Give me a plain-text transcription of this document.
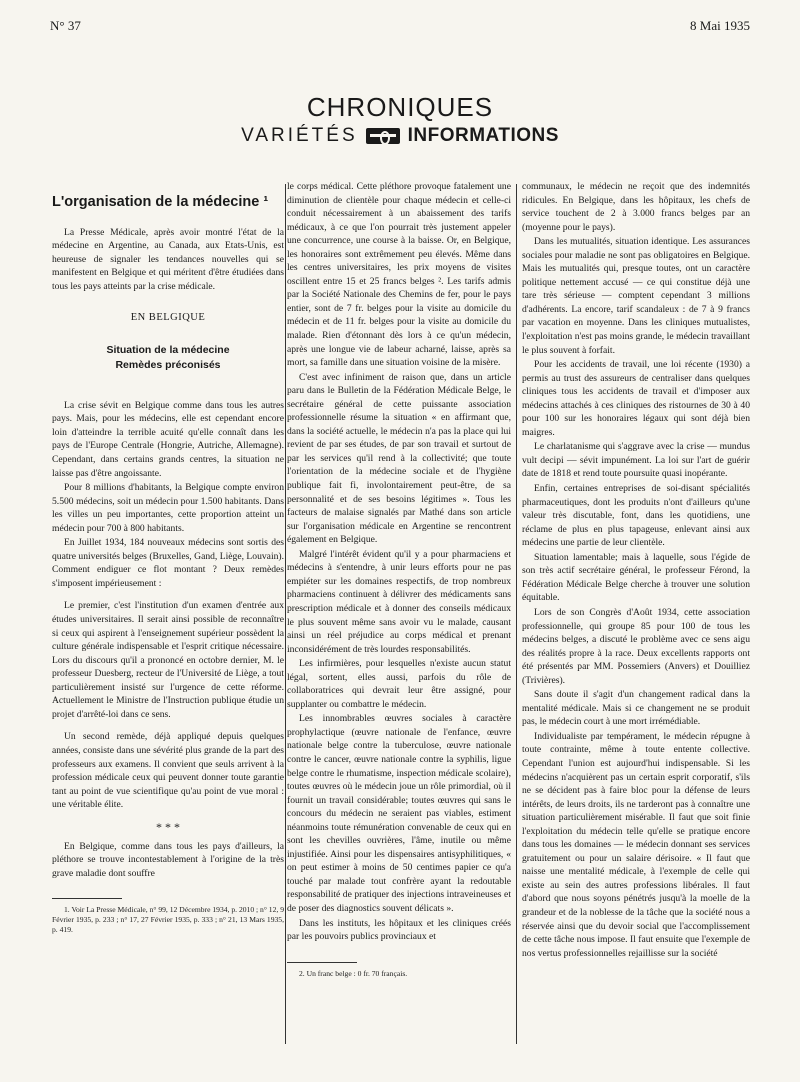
N° 37	8 Mai 1935
CHRONIQUES
VARIÉTÉS	INFORMATIONS
L'organisation de la médecine ¹

La Presse Médicale, après avoir montré l'état de la médecine en Argentine, au Canada, aux Etats-Unis, est heureuse de signaler les tendances nouvelles qui se manifestent en Belgique et qui méritent d'être étudiées dans tous les pays atteints par la crise médicale.

EN BELGIQUE
Situation de la médecine
Remèdes préconisés

La crise sévit en Belgique comme dans tous les autres pays. Mais, pour les médecins, elle est cependant encore loin d'atteindre la terrible acuité qu'elle connaît dans les pays de l'Europe Centrale (Hongrie, Autriche, Allemagne). Cependant, dans certains grands centres, la situation ne laisse pas d'être angoissante.

Pour 8 millions d'habitants, la Belgique compte environ 5.500 médecins, soit un médecin pour 1.500 habitants. Dans les villes un peu importantes, cette proportion atteint un médecin pour 700 à 800 habitants.

En Juillet 1934, 184 nouveaux médecins sont sortis des quatre universités belges (Bruxelles, Gand, Liège, Louvain). Comment endiguer ce flot montant ? Deux remèdes s'imposent impérieusement :

Le premier, c'est l'institution d'un examen d'entrée aux études universitaires. Il serait ainsi possible de reconnaître si ceux qui aspirent à l'enseignement supérieur possèdent la culture générale indispensable et l'esprit critique nécessaire. Lors du discours qu'il a prononcé en octobre dernier, M. le professeur Duesberg, recteur de l'Université de Liège, a tout particulièrement insisté sur l'urgence de cette réforme. Actuellement le Ministre de l'Instruction publique étudie un projet d'arrêté-loi dans ce sens.

Un second remède, déjà appliqué depuis quelques années, consiste dans une sévérité plus grande de la part des professeurs aux examens. Il convient que seuls arrivent à la profession médicale ceux qui peuvent donner toute garantie tant au point de vue scientifique qu'au point de vue moral : une véritable élite.

* * *

En Belgique, comme dans tous les pays d'ailleurs, la pléthore se trouve incontestablement à l'origine de la très grave maladie dont souffre

1. Voir La Presse Médicale, n° 99, 12 Décembre 1934, p. 2010 ; n° 12, 9 Février 1935, p. 233 ; n° 17, 27 Février 1935, p. 333 ; n° 21, 13 Mars 1935, p. 419.

le corps médical. Cette pléthore provoque fatalement une diminution de clientèle pour chaque médecin et celle-ci conduit nécessairement à un abaissement des tarifs médicaux, à ce que l'on pourrait très justement appeler une concurrence, une course à la baisse. Or, en Belgique, les honoraires sont extrêmement peu élevés. Même dans les centres universitaires, les prix moyens de visites oscillent entre 15 et 25 francs belges ². Les tarifs admis par la Société Nationale des Chemins de fer, pour le pays entier, sont de 7 fr. belges pour la visite au domicile du médecin et de 11 fr. belges pour la visite au domicile du malade. Rien d'étonnant dès lors à ce qu'un médecin, après une longue vie de labeur acharné, laisse, après sa mort, sa famille dans une situation voisine de la misère.

C'est avec infiniment de raison que, dans un article paru dans le Bulletin de la Fédération Médicale Belge, le secrétaire général de cette puissante association professionnelle résume la situation « en affirmant que, dans la société actuelle, le médecin n'a pas la place qui lui revient de par ses études, de par son travail et surtout de par les services qu'il rend à la collectivité; que toute l'orientation de la médecine sociale et de l'hygiène publique fait fi, involontairement peut-être, de sa personnalité et de ses besoins légitimes ». Tous les facteurs de malaise signalés par Mathé dans son article sur l'organisation médicale en Argentine se rencontrent également en Belgique.

Malgré l'intérêt évident qu'il y a pour pharmaciens et médecins à s'entendre, à unir leurs efforts pour ne pas empiéter sur les domaines respectifs, de trop nombreux pharmaciens continuent à délivrer des médicaments sans prescription médicale et à donner des conseils médicaux le plus souvent même sans avoir vu le malade, causant ainsi un réel préjudice au corps médical et prenant inconsidérément de très lourdes responsabilités.

Les infirmières, pour lesquelles n'existe aucun statut légal, sortent, elles aussi, parfois du rôle de collaboratrices qui devrait leur être assigné, pour supplanter ou combattre le médecin.

Les innombrables œuvres sociales à caractère prophylactique (œuvre nationale de l'enfance, œuvre nationale belge contre la tuberculose, œuvre nationale contre le cancer, œuvre nationale contre la syphilis, ligue belge contre le rhumatisme, inspection médicale scolaire), toutes œuvres où le médecin joue un rôle primordial, où il fournit un travail considérable; toutes œuvres qui sans le concours du médecin ne seraient pas viables, estiment néanmoins toute rémunération convenable de ceux qui en sont les chevilles ouvrières, l'âme, inutile ou même injustifiée. Ainsi pour les dispensaires antisyphilitiques, « on peut estimer à moins de 50 centimes papier ce qu'a touché par malade tout confrère ayant la redoutable responsabilité de pratiquer des injections intraveineuses et de poser des diagnostics souvent délicats ».

Dans les instituts, les hôpitaux et les cliniques créés par les pouvoirs publics provinciaux et

2. Un franc belge : 0 fr. 70 français.

communaux, le médecin ne reçoit que des indemnités ridicules. En Belgique, dans les hôpitaux, les chefs de service touchent de 2 à 3.000 francs belges par an (moyenne pour le pays).

Dans les mutualités, situation identique. Les assurances sociales pour maladie ne sont pas obligatoires en Belgique. Mais les mutualités qui, presque toutes, ont un caractère politique nettement accusé — ce qui constitue déjà une tare très sérieuse — comptent cependant 3 millions d'adhérents. La encore, tarif scandaleux : de 7 à 9 francs par vacation en moyenne. Dans les cliniques mutualistes, l'exploitation n'est pas moins grande, le médecin travaillant le plus souvent à forfait.

Pour les accidents de travail, une loi récente (1930) a permis au trust des assureurs de centraliser dans quelques cliniques tous les accidents de travail et d'imposer aux médecins attachés à ces cliniques des ristournes de 30 à 40 pour 100 sur les honoraires légaux qui sont déjà bien maigres.

Le charlatanisme qui s'aggrave avec la crise — mundus vult decipi — sévit impunément. La loi sur l'art de guérir date de 1818 et rend toute poursuite quasi inopérante.

Enfin, certaines entreprises de soi-disant spécialités pharmaceutiques, dont les produits n'ont d'ailleurs qu'une valeur très discutable, font, dans les quotidiens, une réclame de plus en plus tapageuse, enlevant ainsi aux médecins une partie de leur clientèle.

Situation lamentable; mais à laquelle, sous l'égide de son très actif secrétaire général, le professeur Férond, la Fédération Médicale Belge cherche à trouver une solution équitable.

Lors de son Congrès d'Août 1934, cette association professionnelle, qui groupe 85 pour 100 de tous les médecins belges, a discuté le problème avec ce sens aigu des réalités propre à la race. Deux excellents rapports ont été présentés par MM. Possemiers (Anvers) et Douilliez (Trivières).

Sans doute il s'agit d'un changement radical dans la mentalité médicale. Mais si ce changement ne se produit pas, le médecin court à une mort irrémédiable.

Individualiste par tempérament, le médecin répugne à toute contrainte, même à toute entente collective. Cependant l'union est aujourd'hui indispensable. Si les médecins n'acquièrent pas un certain esprit corporatif, s'ils ne se décident pas à faire bloc pour la défense de leurs intérêts, de leurs droits, ils ne tarderont pas à connaître une situation particulièrement misérable. Il faut que soit finie l'exploitation du médecin telle qu'elle se pratique encore dans tous les domaines — le médecin donnant ses services gratuitement ou pour un salaire dérisoire. « Il faut que naisse une mentalité médicale, à l'exemple de celle qui existe au sein des autres professions libérales. Il faut d'abord que nous soyons pénétrés jusqu'à la moelle de la grandeur et de la noblesse de la tâche que la société nous a réservée ainsi que du devoir social que l'accomplissement de cette tâche nous impose. Il faut ensuite que l'exemple de nos vertus professionnelles rejaillisse sur la société
